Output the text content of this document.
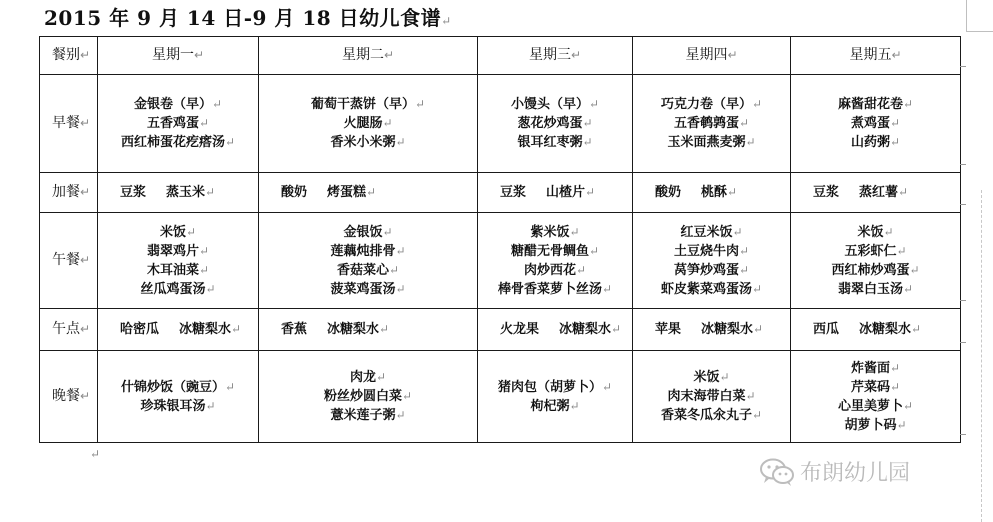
2015 年 9 月 14 日-9 月 18 日幼儿食谱↵
餐别↵	星期一↵	星期二↵	星期三↵	星期四↵	星期五↵
早餐↵	金银卷（早）↵
五香鸡蛋↵
西红柿蛋花疙瘩汤↵	葡萄干蒸饼（早）↵
火腿肠↵
香米小米粥↵	小馒头（早）↵
葱花炒鸡蛋↵
银耳红枣粥↵	巧克力卷（早）↵
五香鹌鹑蛋↵
玉米面燕麦粥↵	麻酱甜花卷↵
煮鸡蛋↵
山药粥↵

加餐↵	豆浆 蒸玉米↵	酸奶 烤蛋糕↵	豆浆 山楂片↵	酸奶 桃酥↵	豆浆 蒸红薯↵

午餐↵	米饭↵
翡翠鸡片↵
木耳油菜↵
丝瓜鸡蛋汤↵	金银饭↵
莲藕炖排骨↵
香菇菜心↵
菠菜鸡蛋汤↵	紫米饭↵
糖醋无骨鲷鱼↵
肉炒西花↵
棒骨香菜萝卜丝汤↵	红豆米饭↵
土豆烧牛肉↵
莴笋炒鸡蛋↵
虾皮紫菜鸡蛋汤↵	米饭↵
五彩虾仁↵
西红柿炒鸡蛋↵
翡翠白玉汤↵

午点↵	哈密瓜 冰糖梨水↵	香蕉 冰糖梨水↵	火龙果 冰糖梨水↵	苹果 冰糖梨水↵	西瓜 冰糖梨水↵

晚餐↵	什锦炒饭（豌豆）↵
珍珠银耳汤↵	肉龙↵
粉丝炒圆白菜↵
薏米莲子粥↵	猪肉包（胡萝卜）↵
枸杞粥↵	米饭↵
肉末海带白菜↵
香菜冬瓜氽丸子↵	炸酱面↵
芹菜码↵
心里美萝卜↵
胡萝卜码↵
↵
布朗幼儿园
